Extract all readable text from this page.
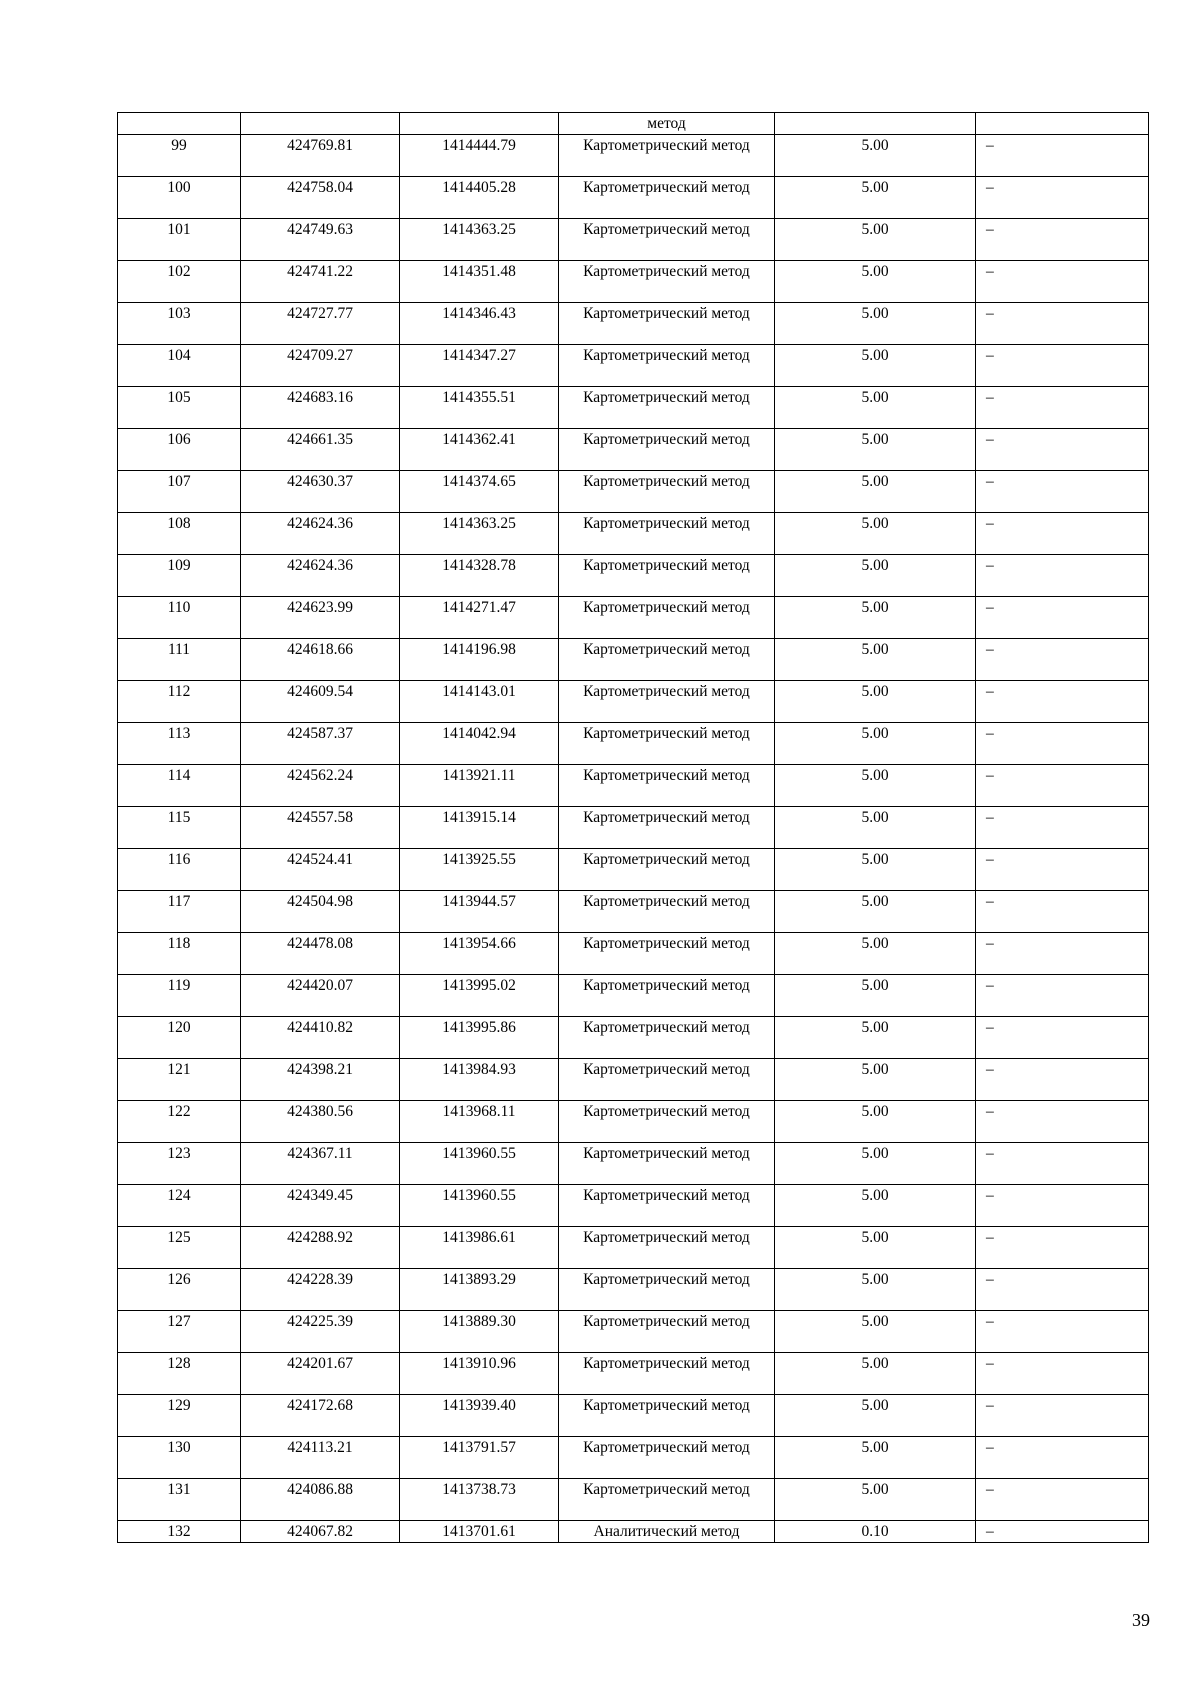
			метод		
99	424769.81	1414444.79	Картометрический метод	5.00	–
100	424758.04	1414405.28	Картометрический метод	5.00	–
101	424749.63	1414363.25	Картометрический метод	5.00	–
102	424741.22	1414351.48	Картометрический метод	5.00	–
103	424727.77	1414346.43	Картометрический метод	5.00	–
104	424709.27	1414347.27	Картометрический метод	5.00	–
105	424683.16	1414355.51	Картометрический метод	5.00	–
106	424661.35	1414362.41	Картометрический метод	5.00	–
107	424630.37	1414374.65	Картометрический метод	5.00	–
108	424624.36	1414363.25	Картометрический метод	5.00	–
109	424624.36	1414328.78	Картометрический метод	5.00	–
110	424623.99	1414271.47	Картометрический метод	5.00	–
111	424618.66	1414196.98	Картометрический метод	5.00	–
112	424609.54	1414143.01	Картометрический метод	5.00	–
113	424587.37	1414042.94	Картометрический метод	5.00	–
114	424562.24	1413921.11	Картометрический метод	5.00	–
115	424557.58	1413915.14	Картометрический метод	5.00	–
116	424524.41	1413925.55	Картометрический метод	5.00	–
117	424504.98	1413944.57	Картометрический метод	5.00	–
118	424478.08	1413954.66	Картометрический метод	5.00	–
119	424420.07	1413995.02	Картометрический метод	5.00	–
120	424410.82	1413995.86	Картометрический метод	5.00	–
121	424398.21	1413984.93	Картометрический метод	5.00	–
122	424380.56	1413968.11	Картометрический метод	5.00	–
123	424367.11	1413960.55	Картометрический метод	5.00	–
124	424349.45	1413960.55	Картометрический метод	5.00	–
125	424288.92	1413986.61	Картометрический метод	5.00	–
126	424228.39	1413893.29	Картометрический метод	5.00	–
127	424225.39	1413889.30	Картометрический метод	5.00	–
128	424201.67	1413910.96	Картометрический метод	5.00	–
129	424172.68	1413939.40	Картометрический метод	5.00	–
130	424113.21	1413791.57	Картометрический метод	5.00	–
131	424086.88	1413738.73	Картометрический метод	5.00	–
132	424067.82	1413701.61	Аналитический метод	0.10	–
39
